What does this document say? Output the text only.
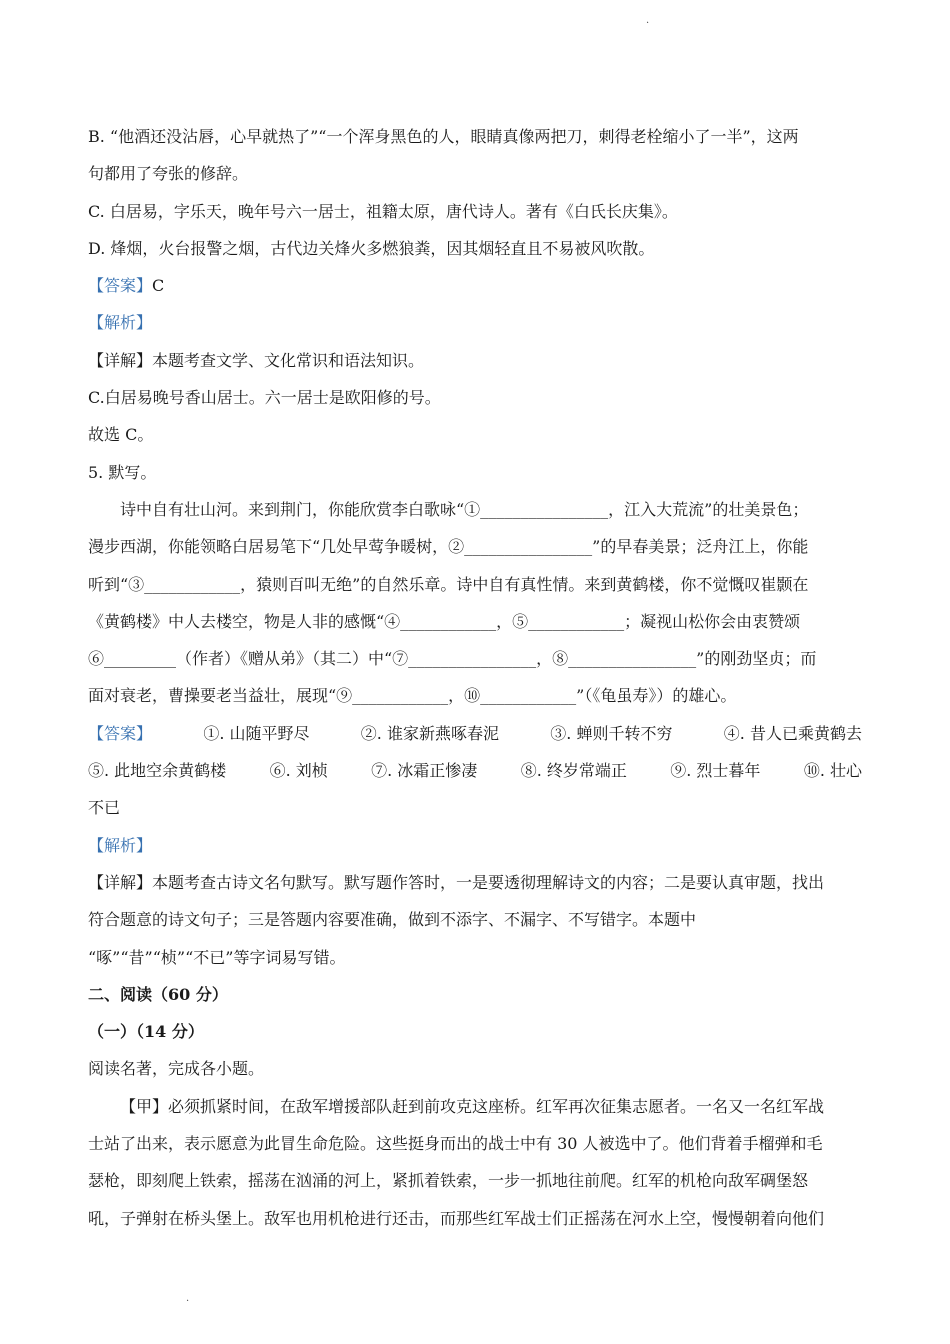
·
B. “他酒还没沾唇，心早就热了”“一个浑身黑色的人，眼睛真像两把刀，刺得老栓缩小了一半”，这两
句都用了夸张的修辞。
C. 白居易，字乐天，晚年号六一居士，祖籍太原，唐代诗人。著有《白氏长庆集》。
D. 烽烟，火台报警之烟，古代边关烽火多燃狼粪，因其烟轻直且不易被风吹散。
【答案】C
【解析】
【详解】本题考查文学、文化常识和语法知识。
C.白居易晚号香山居士。六一居士是欧阳修的号。
故选 C。
5. 默写。
诗中自有壮山河。来到荆门，你能欣赏李白歌咏“①________________，江入大荒流”的壮美景色；
漫步西湖，你能领略白居易笔下“几处早莺争暖树，②________________”的早春美景；泛舟江上，你能
听到“③____________，猿则百叫无绝”的自然乐章。诗中自有真性情。来到黄鹤楼，你不觉慨叹崔颢在
《黄鹤楼》中人去楼空，物是人非的感慨“④____________，⑤____________；凝视山松你会由衷赞颂
⑥_________（作者）《赠从弟》（其二）中“⑦________________，⑧________________”的刚劲坚贞；而
面对衰老，曹操要老当益壮，展现“⑨____________，⑩____________”（《龟虽寿》）的雄心。
【答案】	①. 山随平野尽	②. 谁家新燕啄春泥	③. 蝉则千转不穷	④. 昔人已乘黄鹤去
⑤. 此地空余黄鹤楼	⑥. 刘桢	⑦. 冰霜正惨凄	⑧. 终岁常端正	⑨. 烈士暮年	⑩. 壮心
不已
【解析】
【详解】本题考查古诗文名句默写。默写题作答时，一是要透彻理解诗文的内容；二是要认真审题，找出
符合题意的诗文句子；三是答题内容要准确，做到不添字、不漏字、不写错字。本题中
“啄”“昔”“桢”“不已”等字词易写错。
二、阅读（60 分）
（一）（14 分）
阅读名著，完成各小题。
【甲】必须抓紧时间，在敌军增援部队赶到前攻克这座桥。红军再次征集志愿者。一名又一名红军战
士站了出来，表示愿意为此冒生命危险。这些挺身而出的战士中有 30 人被选中了。他们背着手榴弹和毛
瑟枪，即刻爬上铁索，摇荡在汹涌的河上，紧抓着铁索，一步一抓地往前爬。红军的机枪向敌军碉堡怒
吼，子弹射在桥头堡上。敌军也用机枪进行还击，而那些红军战士们正摇荡在河水上空，慢慢朝着向他们
·
